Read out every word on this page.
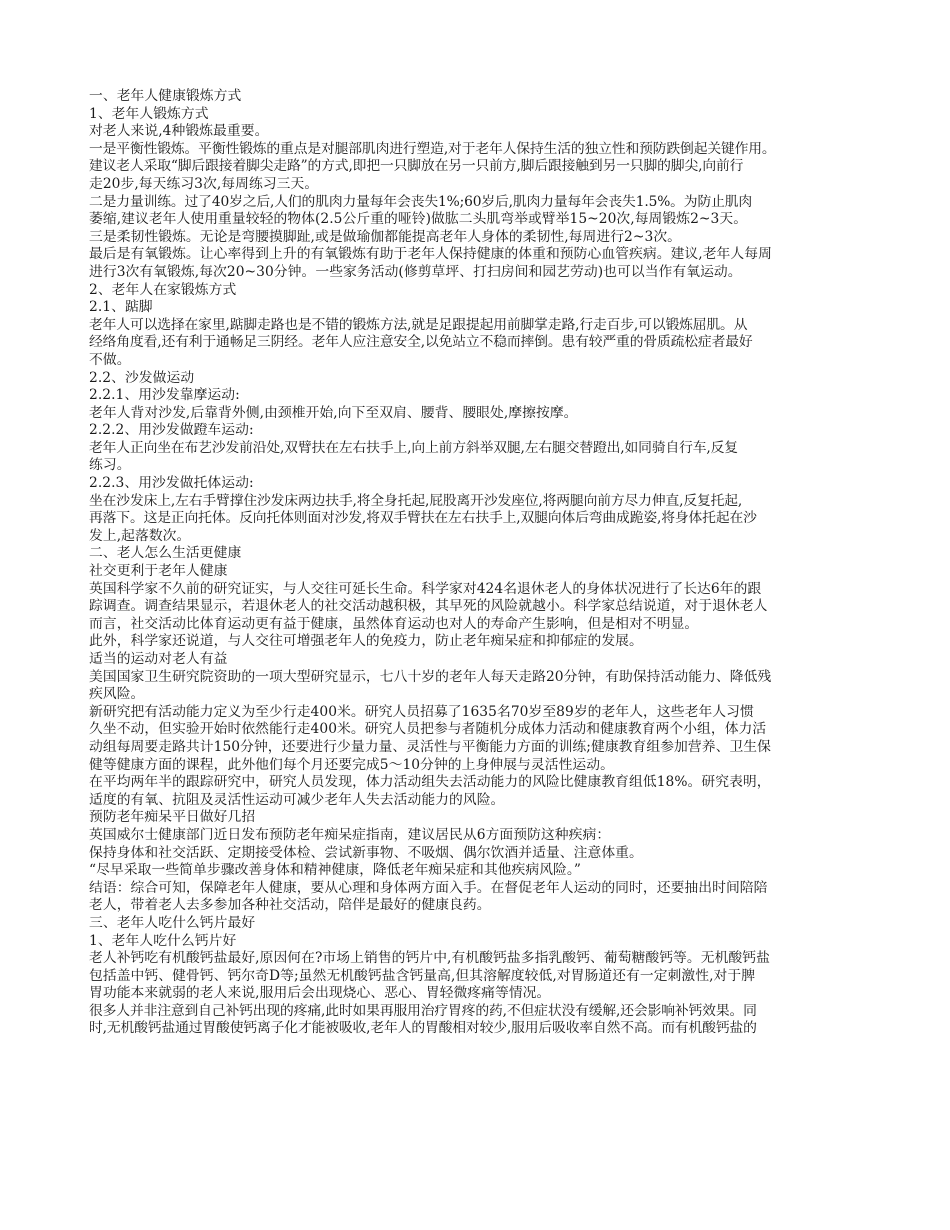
一、老年人健康锻炼方式
1、老年人锻炼方式
对老人来说,4种锻炼最重要。
一是平衡性锻炼。平衡性锻炼的重点是对腿部肌肉进行塑造,对于老年人保持生活的独立性和预防跌倒起关键作用。
建议老人采取“脚后跟接着脚尖走路”的方式,即把一只脚放在另一只前方,脚后跟接触到另一只脚的脚尖,向前行
走20步,每天练习3次,每周练习三天。
二是力量训练。过了40岁之后,人们的肌肉力量每年会丧失1%;60岁后,肌肉力量每年会丧失1.5%。为防止肌肉
萎缩,建议老年人使用重量较轻的物体(2.5公斤重的哑铃)做肱二头肌弯举或臂举15~20次,每周锻炼2~3天。
三是柔韧性锻炼。无论是弯腰摸脚趾,或是做瑜伽都能提高老年人身体的柔韧性,每周进行2~3次。
最后是有氧锻炼。让心率得到上升的有氧锻炼有助于老年人保持健康的体重和预防心血管疾病。建议,老年人每周
进行3次有氧锻炼,每次20~30分钟。一些家务活动(修剪草坪、打扫房间和园艺劳动)也可以当作有氧运动。
2、老年人在家锻炼方式
2.1、踮脚
老年人可以选择在家里,踮脚走路也是不错的锻炼方法,就是足跟提起用前脚掌走路,行走百步,可以锻炼屈肌。从
经络角度看,还有利于通畅足三阴经。老年人应注意安全,以免站立不稳而摔倒。患有较严重的骨质疏松症者最好
不做。
2.2、沙发做运动
2.2.1、用沙发靠摩运动:
老年人背对沙发,后靠背外侧,由颈椎开始,向下至双肩、腰背、腰眼处,摩擦按摩。
2.2.2、用沙发做蹬车运动:
老年人正向坐在布艺沙发前沿处,双臂扶在左右扶手上,向上前方斜举双腿,左右腿交替蹬出,如同骑自行车,反复
练习。
2.2.3、用沙发做托体运动:
坐在沙发床上,左右手臂撑住沙发床两边扶手,将全身托起,屁股离开沙发座位,将两腿向前方尽力伸直,反复托起,
再落下。这是正向托体。反向托体则面对沙发,将双手臂扶在左右扶手上,双腿向体后弯曲成跪姿,将身体托起在沙
发上,起落数次。
二、老人怎么生活更健康
社交更利于老年人健康
英国科学家不久前的研究证实，与人交往可延长生命。科学家对424名退休老人的身体状况进行了长达6年的跟
踪调查。调查结果显示，若退休老人的社交活动越积极，其早死的风险就越小。科学家总结说道，对于退休老人
而言，社交活动比体育运动更有益于健康，虽然体育运动也对人的寿命产生影响，但是相对不明显。
此外，科学家还说道，与人交往可增强老年人的免疫力，防止老年痴呆症和抑郁症的发展。
适当的运动对老人有益
美国国家卫生研究院资助的一项大型研究显示，七八十岁的老年人每天走路20分钟，有助保持活动能力、降低残
疾风险。
新研究把有活动能力定义为至少行走400米。研究人员招募了1635名70岁至89岁的老年人，这些老年人习惯
久坐不动，但实验开始时依然能行走400米。研究人员把参与者随机分成体力活动和健康教育两个小组，体力活
动组每周要走路共计150分钟，还要进行少量力量、灵活性与平衡能力方面的训练;健康教育组参加营养、卫生保
健等健康方面的课程，此外他们每个月还要完成5～10分钟的上身伸展与灵活性运动。
在平均两年半的跟踪研究中，研究人员发现，体力活动组失去活动能力的风险比健康教育组低18%。研究表明，
适度的有氧、抗阻及灵活性运动可减少老年人失去活动能力的风险。
预防老年痴呆平日做好几招
英国威尔士健康部门近日发布预防老年痴呆症指南，建议居民从6方面预防这种疾病：
保持身体和社交活跃、定期接受体检、尝试新事物、不吸烟、偶尔饮酒并适量、注意体重。
“尽早采取一些简单步骤改善身体和精神健康，降低老年痴呆症和其他疾病风险。”
结语：综合可知，保障老年人健康，要从心理和身体两方面入手。在督促老年人运动的同时，还要抽出时间陪陪
老人，带着老人去多参加各种社交活动，陪伴是最好的健康良药。
三、老年人吃什么钙片最好
1、老年人吃什么钙片好
老人补钙吃有机酸钙盐最好,原因何在?市场上销售的钙片中,有机酸钙盐多指乳酸钙、葡萄糖酸钙等。无机酸钙盐
包括盖中钙、健骨钙、钙尔奇D等;虽然无机酸钙盐含钙量高,但其溶解度较低,对胃肠道还有一定刺激性,对于脾
胃功能本来就弱的老人来说,服用后会出现烧心、恶心、胃轻微疼痛等情况。
很多人并非注意到自己补钙出现的疼痛,此时如果再服用治疗胃疼的药,不但症状没有缓解,还会影响补钙效果。同
时,无机酸钙盐通过胃酸使钙离子化才能被吸收,老年人的胃酸相对较少,服用后吸收率自然不高。而有机酸钙盐的
